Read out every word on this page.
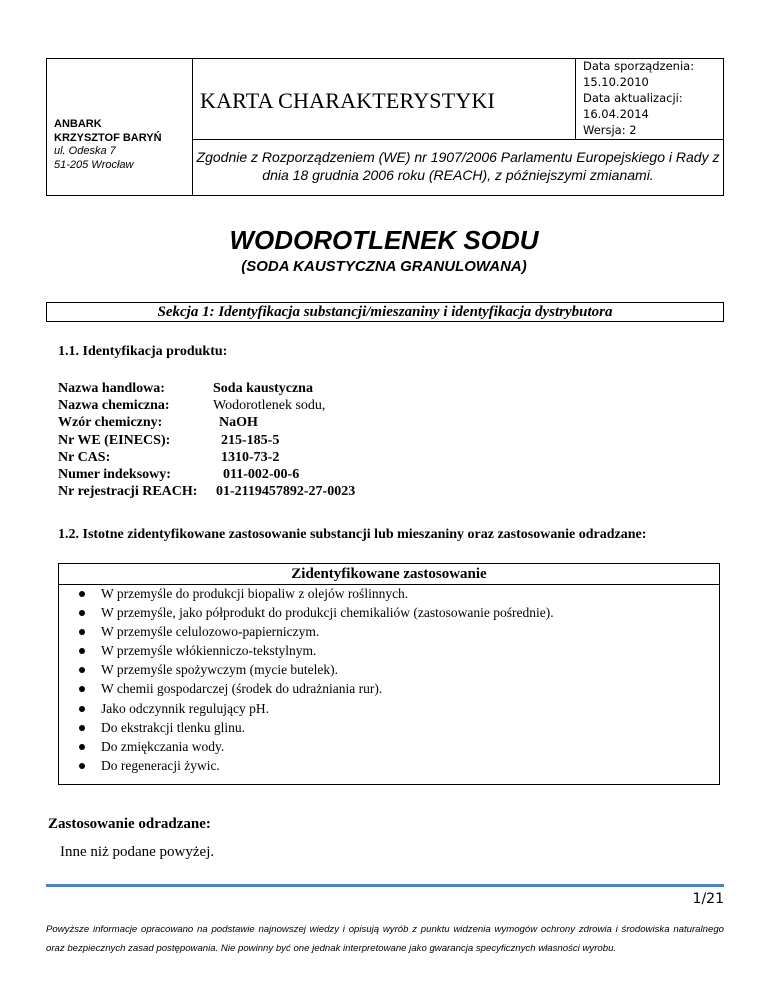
ANBARK
KRZYSZTOF BARYŃ
ul. Odeska 7
51-205 Wrocław
KARTA CHARAKTERYSTYKI
Data sporządzenia:
15.10.2010
Data aktualizacji:
16.04.2014
Wersja: 2
Zgodnie z Rozporządzeniem (WE) nr 1907/2006 Parlamentu Europejskiego i Rady z dnia 18 grudnia 2006 roku (REACH), z późniejszymi zmianami.
WODOROTLENEK SODU
(SODA KAUSTYCZNA GRANULOWANA)
Sekcja 1: Identyfikacja substancji/mieszaniny i identyfikacja dystrybutora
1.1. Identyfikacja produktu:
Nazwa handlowa:	Soda kaustyczna
Nazwa chemiczna:	Wodorotlenek sodu,
Wzór chemiczny:	NaOH
Nr WE (EINECS):	215-185-5
Nr CAS:	1310-73-2
Numer indeksowy:	011-002-00-6
Nr rejestracji REACH: 01-2119457892-27-0023
1.2. Istotne zidentyfikowane zastosowanie substancji lub mieszaniny oraz zastosowanie odradzane:
Zidentyfikowane zastosowanie
W przemyśle do produkcji biopaliw z olejów roślinnych.
W przemyśle, jako półprodukt do produkcji chemikaliów (zastosowanie pośrednie).
W przemyśle celulozowo-papierniczym.
W przemyśle włókienniczo-tekstylnym.
W przemyśle spożywczym (mycie butelek).
W chemii gospodarczej (środek do udrażniania rur).
Jako odczynnik regulujący pH.
Do ekstrakcji tlenku glinu.
Do zmiękczania wody.
Do regeneracji żywic.
Zastosowanie odradzane:
Inne niż podane powyżej.
1/21
Powyższe informacje opracowano na podstawie najnowszej wiedzy i opisują wyrób z punktu widzenia wymogów ochrony zdrowia i środowiska naturalnego oraz bezpiecznych zasad postępowania. Nie powinny być one jednak interpretowane jako gwarancja specyficznych własności wyrobu.
